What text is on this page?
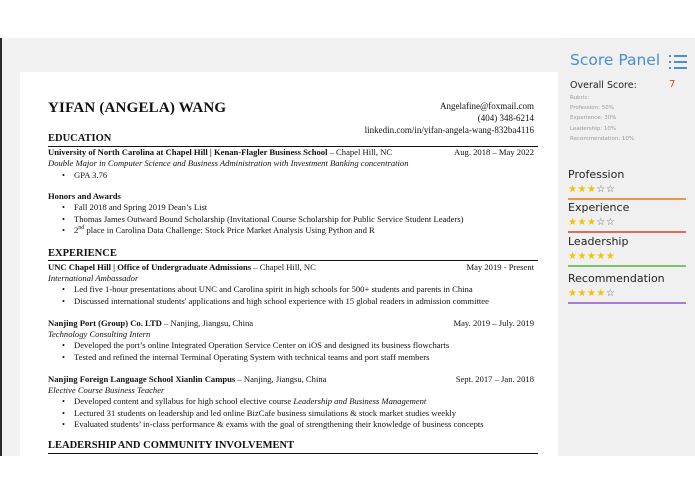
YIFAN (ANGELA) WANG	Angelafine@foxmail.com
(404) 348-6214
linkedin.com/in/yifan-angela-wang-832ba4116
EDUCATION
University of North Carolina at Chapel Hill | Kenan-Flagler Business School – Chapel Hill, NC	Aug. 2018 – May 2022
Double Major in Computer Science and Business Administration with Investment Banking concentration
• GPA 3.76
Honors and Awards
• Fall 2018 and Spring 2019 Dean’s List
• Thomas James Outward Bound Scholarship (Invitational Course Scholarship for Public Service Student Leaders)
• 2nd place in Carolina Data Challenge: Stock Price Market Analysis Using Python and R
EXPERIENCE
UNC Chapel Hill | Office of Undergraduate Admissions – Chapel Hill, NC	May 2019 - Present
International Ambassador
• Led five 1-hour presentations about UNC and Carolina spirit in high schools for 500+ students and parents in China
• Discussed international students' applications and high school experience with 15 global readers in admission committee
Nanjing Port (Group) Co. LTD – Nanjing, Jiangsu, China	May. 2019 – July. 2019
Technology Consulting Intern
• Developed the port’s online Integrated Operation Service Center on iOS and designed its business flowcharts
• Tested and refined the internal Terminal Operating System with technical teams and port staff members
Nanjing Foreign Language School Xianlin Campus – Nanjing, Jiangsu, China	Sept. 2017 – Jan. 2018
Elective Course Business Teacher
• Developed content and syllabus for high school elective course Leadership and Business Management
• Lectured 31 students on leadership and led online BizCafe business simulations & stock market studies weekly
• Evaluated students’ in-class performance & exams with the goal of strengthening their knowledge of business concepts
LEADERSHIP AND COMMUNITY INVOLVEMENT
Score Panel
Overall Score:	7
Rubric:
Profession: 50%
Experience: 30%
Leadership: 10%
Recommendation: 10%
Profession
★★★☆☆
Experience
★★★☆☆
Leadership
★★★★★
Recommendation
★★★★☆
